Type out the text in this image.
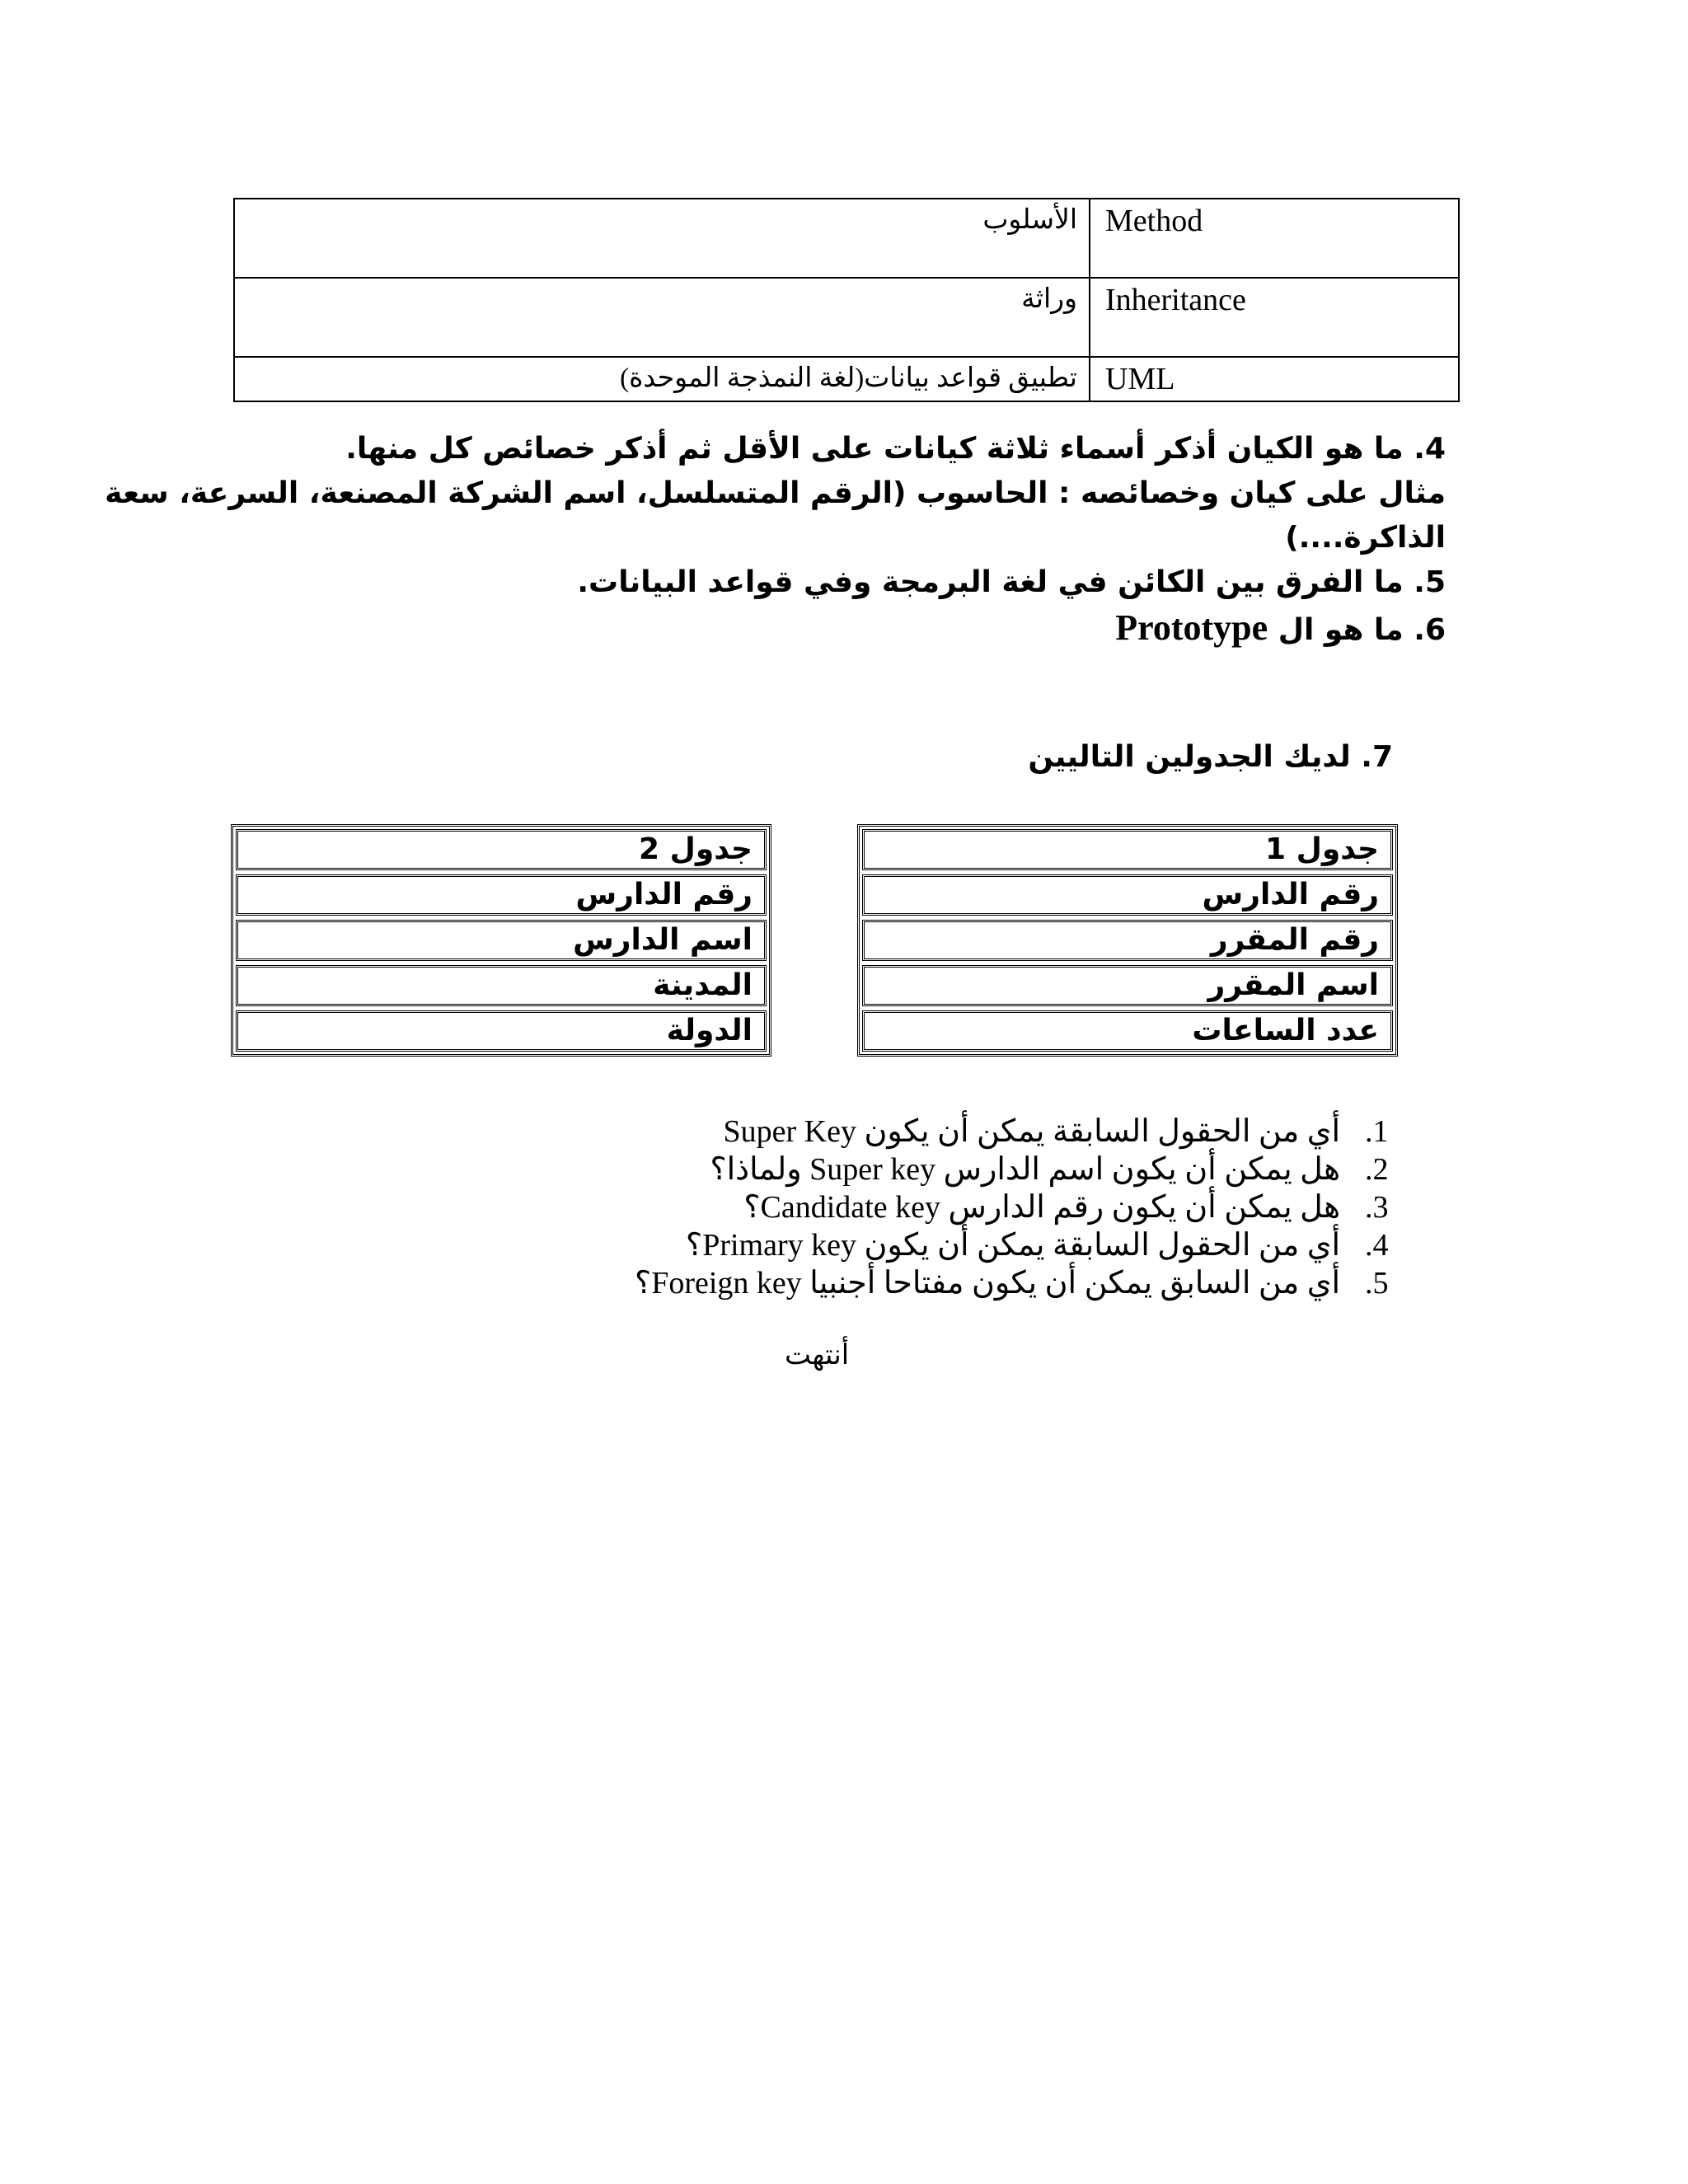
الأسلوب	Method
وراثة	Inheritance
تطبيق قواعد بيانات(لغة النمذجة الموحدة)	UML
4. ما هو الكيان أذكر أسماء ثلاثة كيانات على الأقل ثم أذكر خصائص كل منها.
مثال على كيان وخصائصه : الحاسوب (الرقم المتسلسل، اسم الشركة المصنعة، السرعة، سعة
الذاكرة....)
5. ما الفرق بين الكائن في لغة البرمجة وفي قواعد البيانات.
6. ما هو ال Prototype
7. لديك الجدولين التاليين
جدول 1
رقم الدارس
رقم المقرر
اسم المقرر
عدد الساعات
جدول 2
رقم الدارس
اسم الدارس
المدينة
الدولة
1.أي من الحقول السابقة يمكن أن يكون Super Key
2.هل يمكن أن يكون اسم الدارس Super key ولماذا؟
3.هل يمكن أن يكون رقم الدارس Candidate key؟
4.أي من الحقول السابقة يمكن أن يكون Primary key؟
5.أي من السابق يمكن أن يكون مفتاحا أجنبيا Foreign key؟
أنتهت
